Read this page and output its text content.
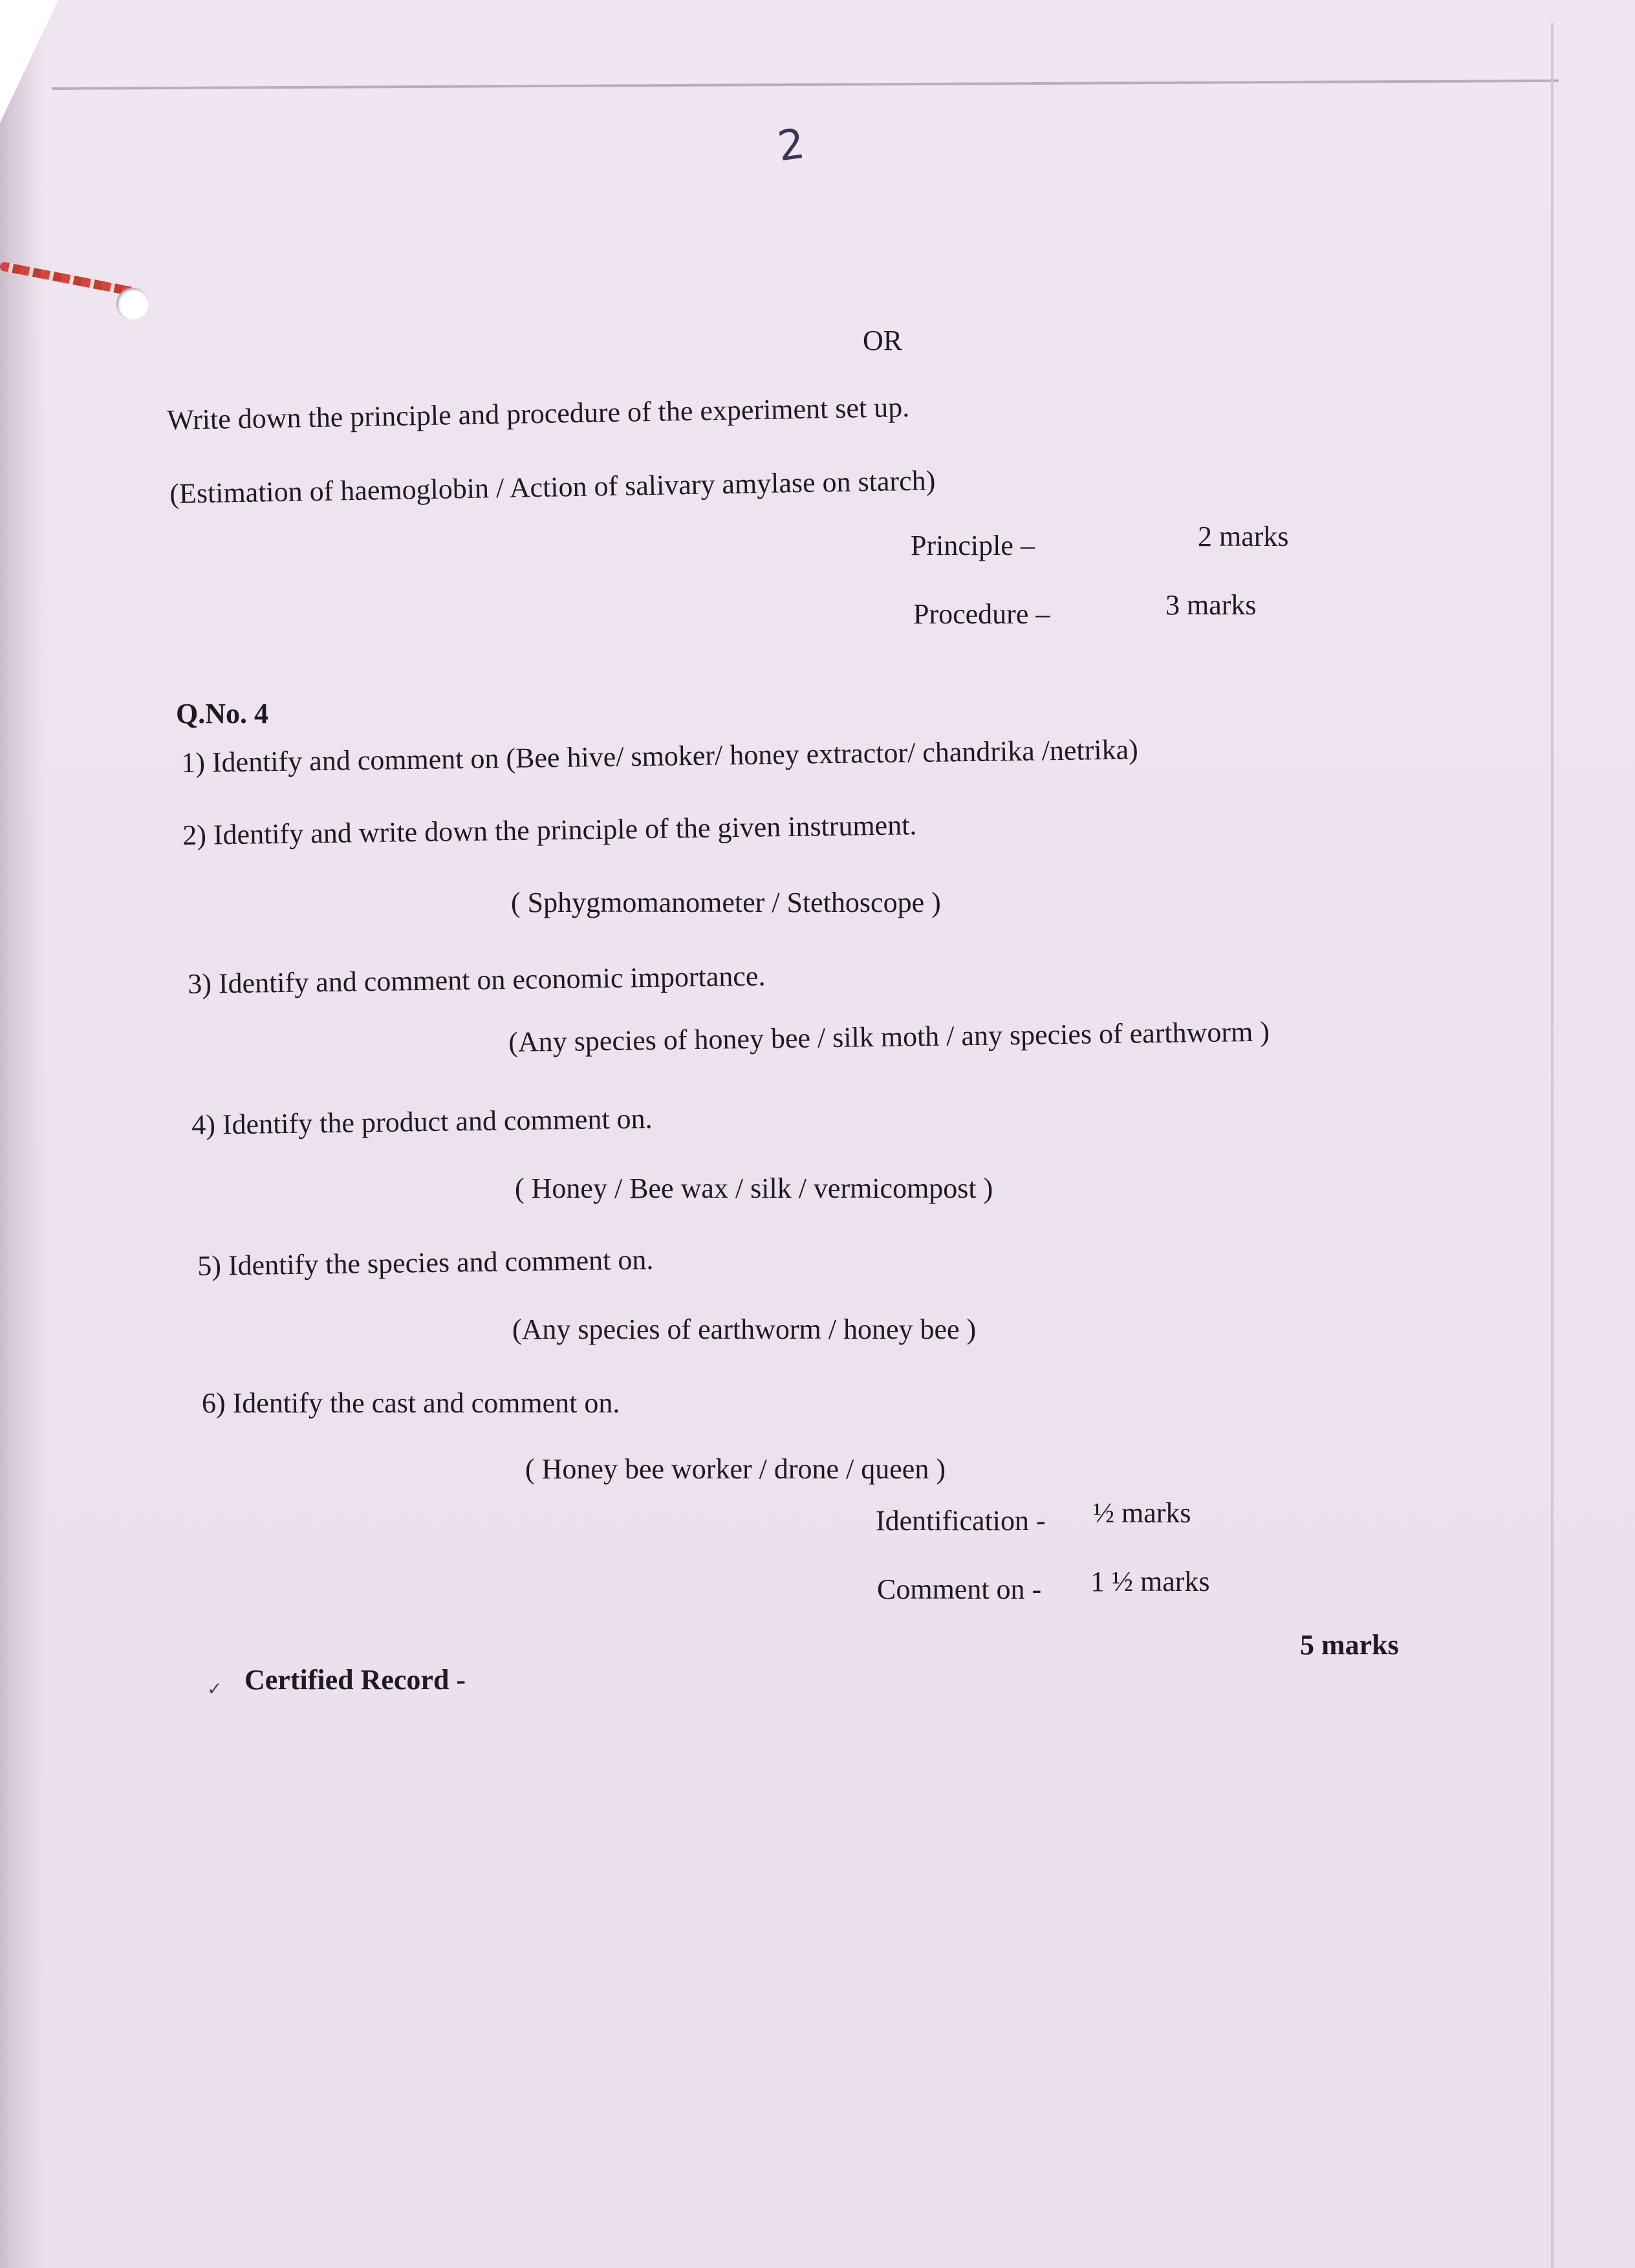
2
OR
Write down the principle and procedure of the experiment set up.
(Estimation of haemoglobin / Action of salivary amylase on starch)
Principle –	2 marks
Procedure –	3 marks
Q.No. 4
1) Identify and comment on (Bee hive/ smoker/ honey extractor/ chandrika /netrika)
2) Identify and write down the principle of the given instrument.
( Sphygmomanometer / Stethoscope )
3) Identify and comment on economic importance.
(Any species of honey bee / silk moth / any species of earthworm )
4) Identify the product and comment on.
( Honey / Bee wax / silk / vermicompost )
5) Identify the species and comment on.
(Any species of earthworm / honey bee )
6) Identify the cast and comment on.
( Honey bee worker / drone / queen )
Identification - ½ marks
Comment on - 1 ½ marks
5 marks
✓ Certified Record -
